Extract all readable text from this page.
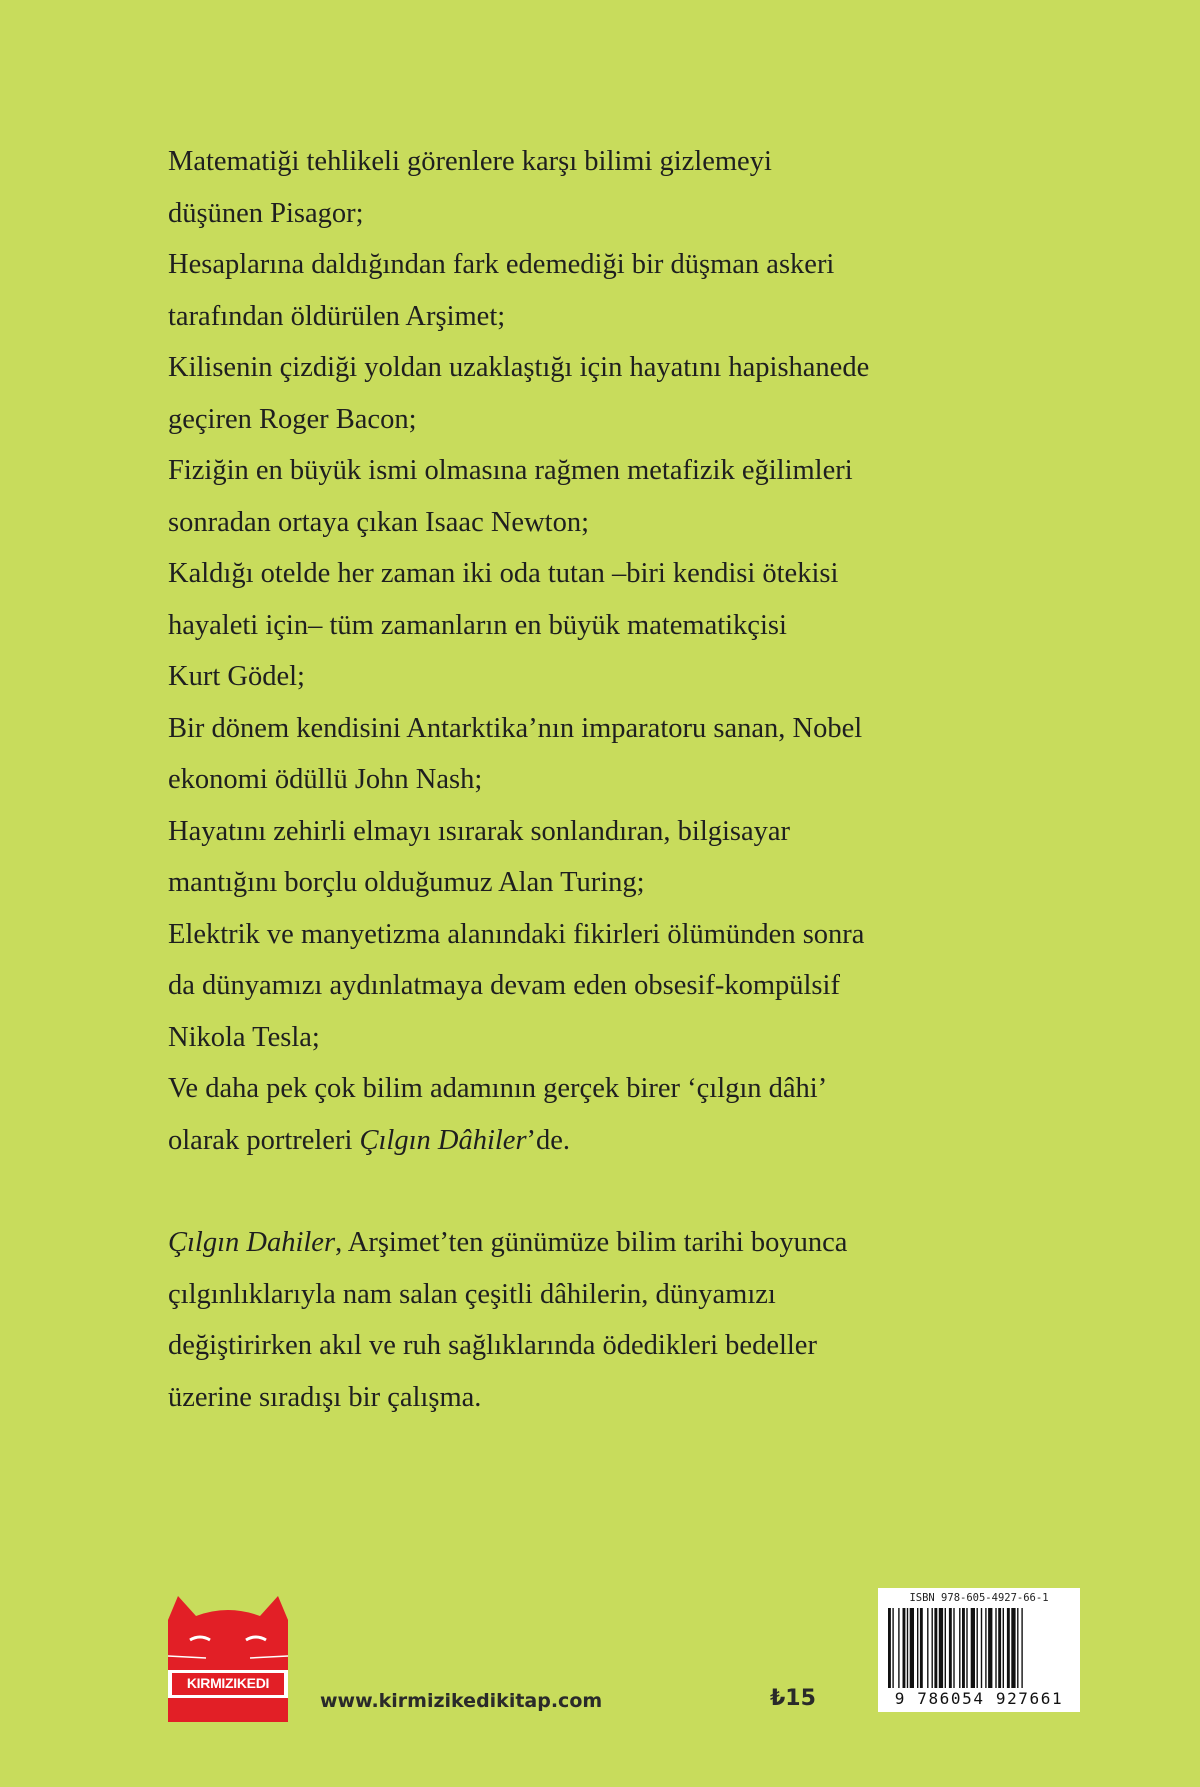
Matematiği tehlikeli görenlere karşı bilimi gizlemeyi
düşünen Pisagor;
Hesaplarına daldığından fark edemediği bir düşman askeri
tarafından öldürülen Arşimet;
Kilisenin çizdiği yoldan uzaklaştığı için hayatını hapishanede
geçiren Roger Bacon;
Fiziğin en büyük ismi olmasına rağmen metafizik eğilimleri
sonradan ortaya çıkan Isaac Newton;
Kaldığı otelde her zaman iki oda tutan –biri kendisi ötekisi
hayaleti için– tüm zamanların en büyük matematikçisi
Kurt Gödel;
Bir dönem kendisini Antarktika’nın imparatoru sanan, Nobel
ekonomi ödüllü John Nash;
Hayatını zehirli elmayı ısırarak sonlandıran, bilgisayar
mantığını borçlu olduğumuz Alan Turing;
Elektrik ve manyetizma alanındaki fikirleri ölümünden sonra
da dünyamızı aydınlatmaya devam eden obsesif-kompülsif
Nikola Tesla;
Ve daha pek çok bilim adamının gerçek birer ‘çılgın dâhi’
olarak portreleri Çılgın Dâhiler’de.
Çılgın Dahiler, Arşimet’ten günümüze bilim tarihi boyunca
çılgınlıklarıyla nam salan çeşitli dâhilerin, dünyamızı
değiştirirken akıl ve ruh sağlıklarında ödedikleri bedeller
üzerine sıradışı bir çalışma.
KIRMIZIKEDI
www.kirmizikedikitap.com	₺15
ISBN 978-605-4927-66-1
9 786054 927661
